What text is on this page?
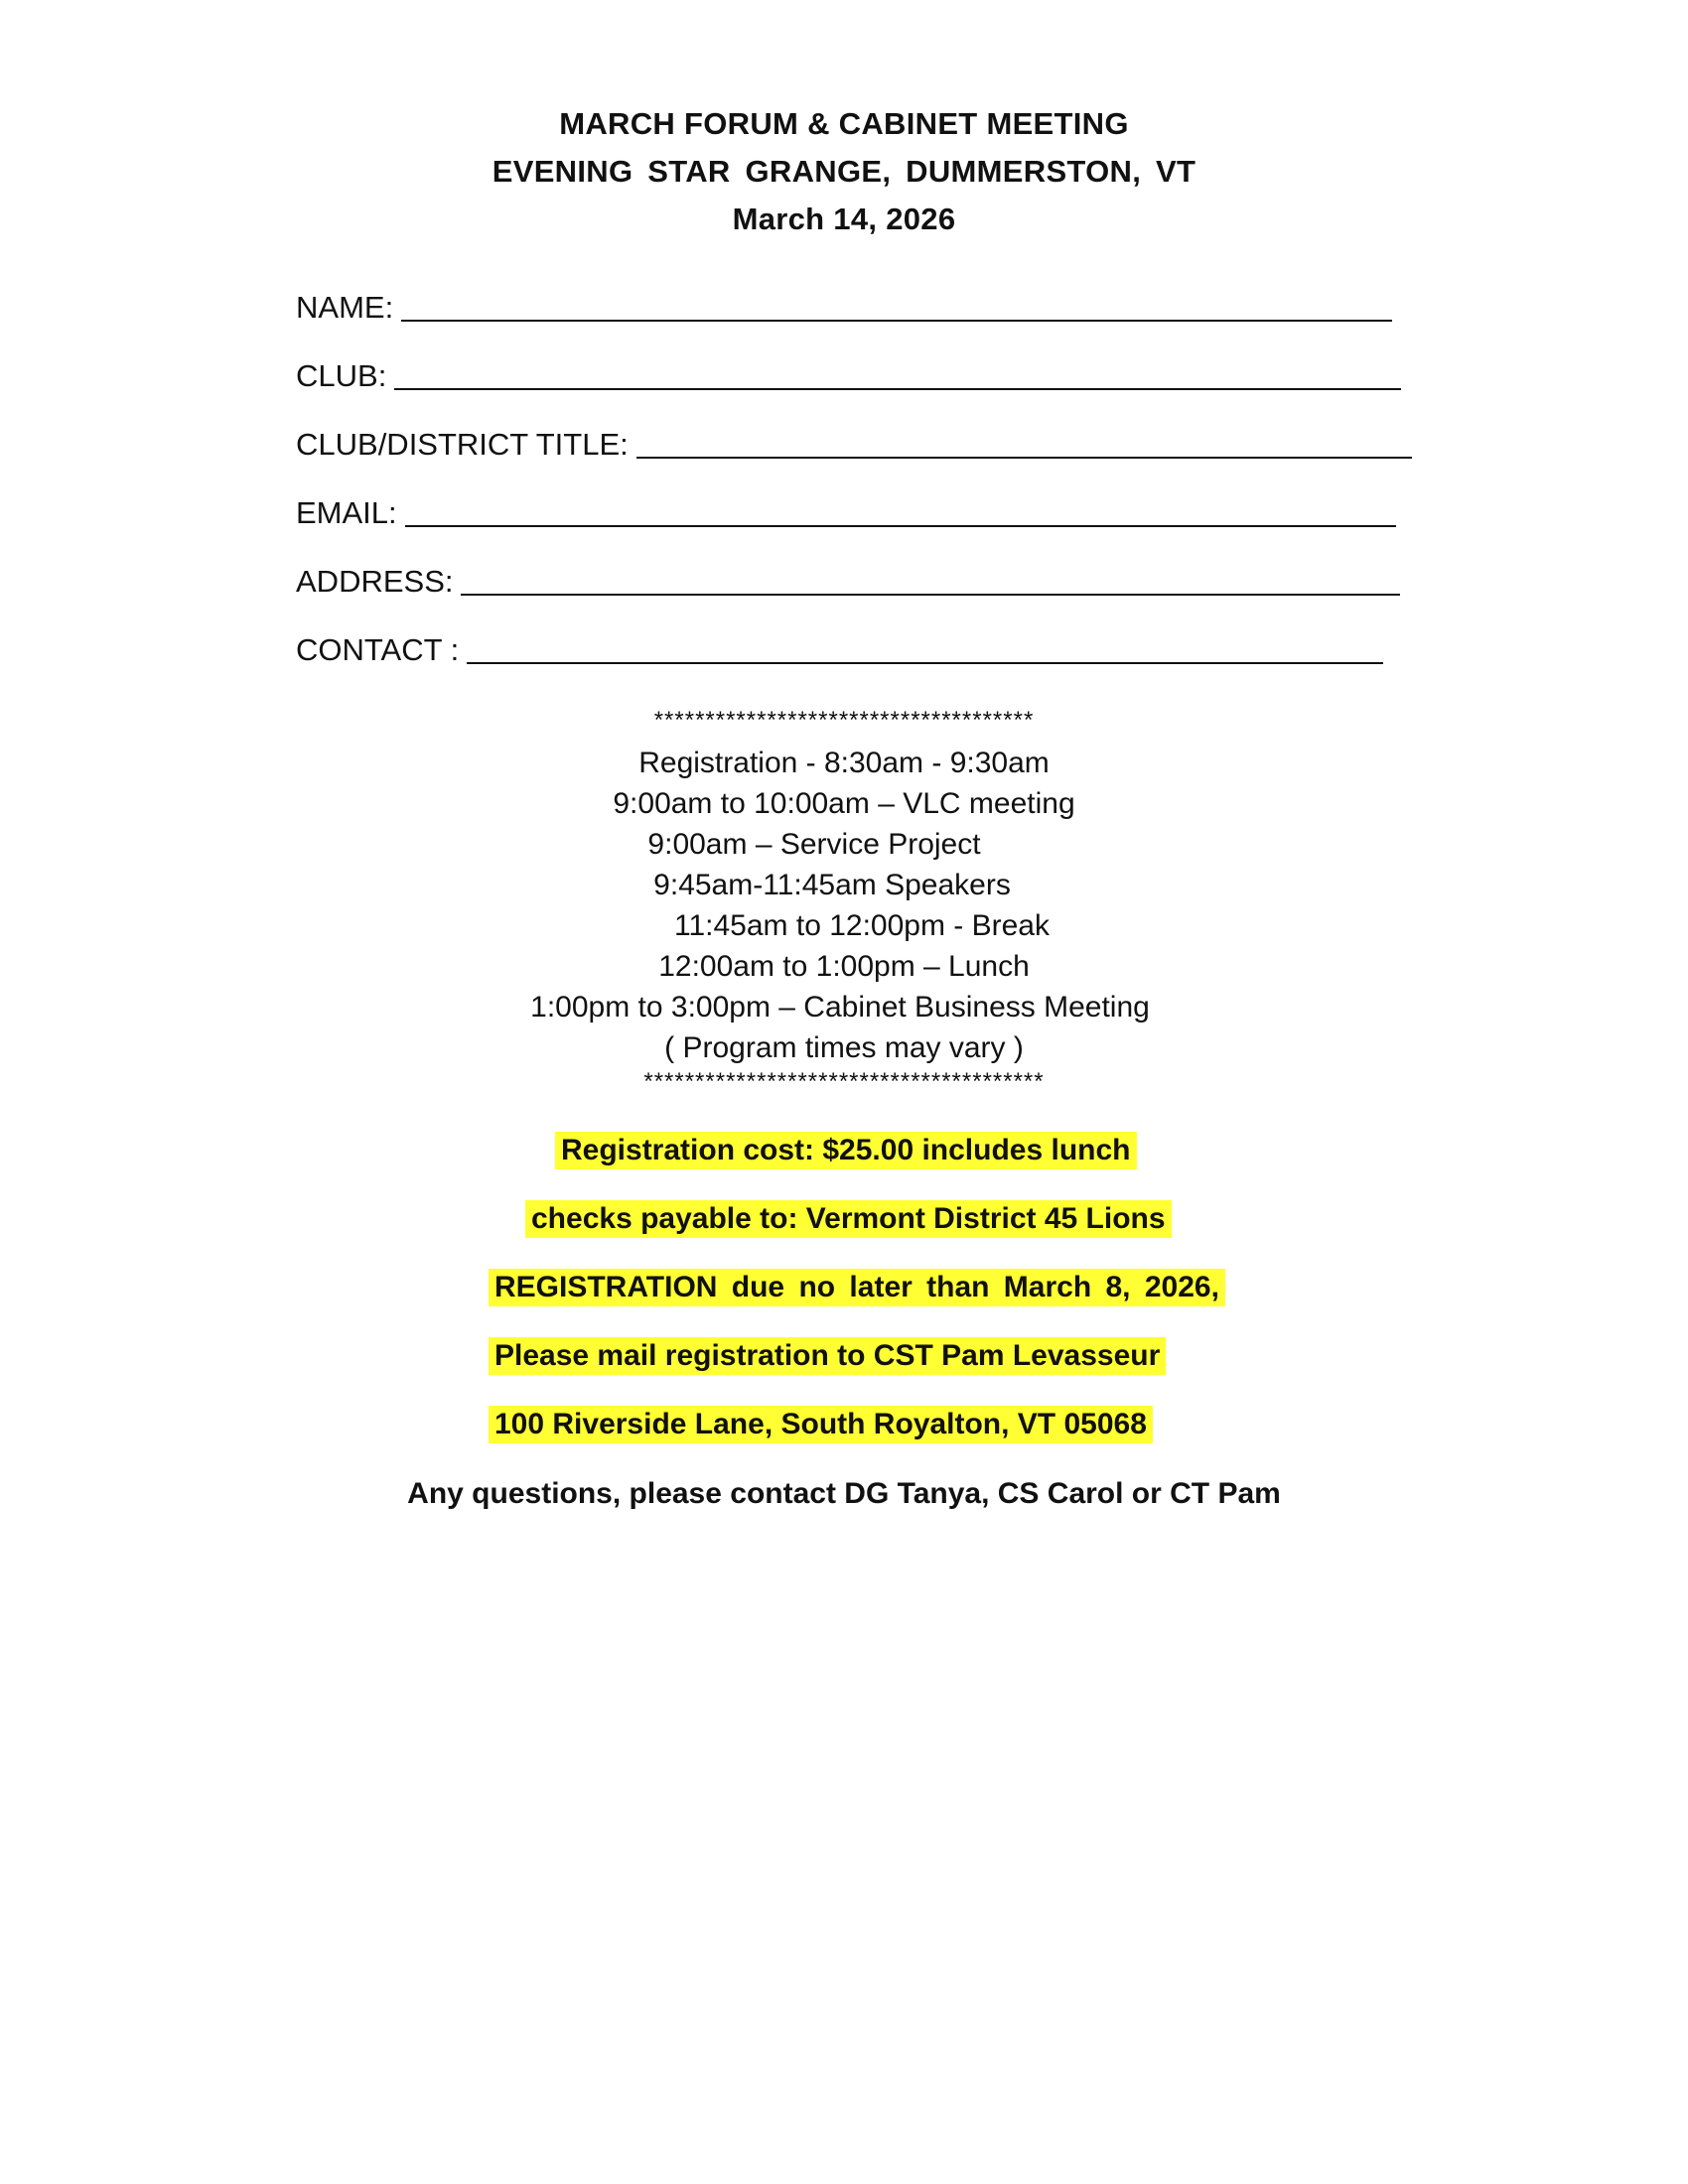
MARCH FORUM & CABINET MEETING
EVENING STAR GRANGE, DUMMERSTON, VT
March 14, 2026
NAME:
CLUB:
CLUB/DISTRICT TITLE:
EMAIL:
ADDRESS:
CONTACT :
*************************************
Registration - 8:30am - 9:30am
9:00am to 10:00am – VLC meeting
9:00am – Service Project
9:45am-11:45am Speakers
11:45am to 12:00pm - Break
12:00am to 1:00pm – Lunch
1:00pm to 3:00pm – Cabinet Business Meeting
( Program times may vary )
***************************************
Registration cost: $25.00 includes lunch
checks payable to: Vermont District 45 Lions
REGISTRATION due no later than March 8, 2026,
Please mail registration to CST Pam Levasseur
100 Riverside Lane, South Royalton, VT 05068
Any questions, please contact DG Tanya, CS Carol or CT Pam
